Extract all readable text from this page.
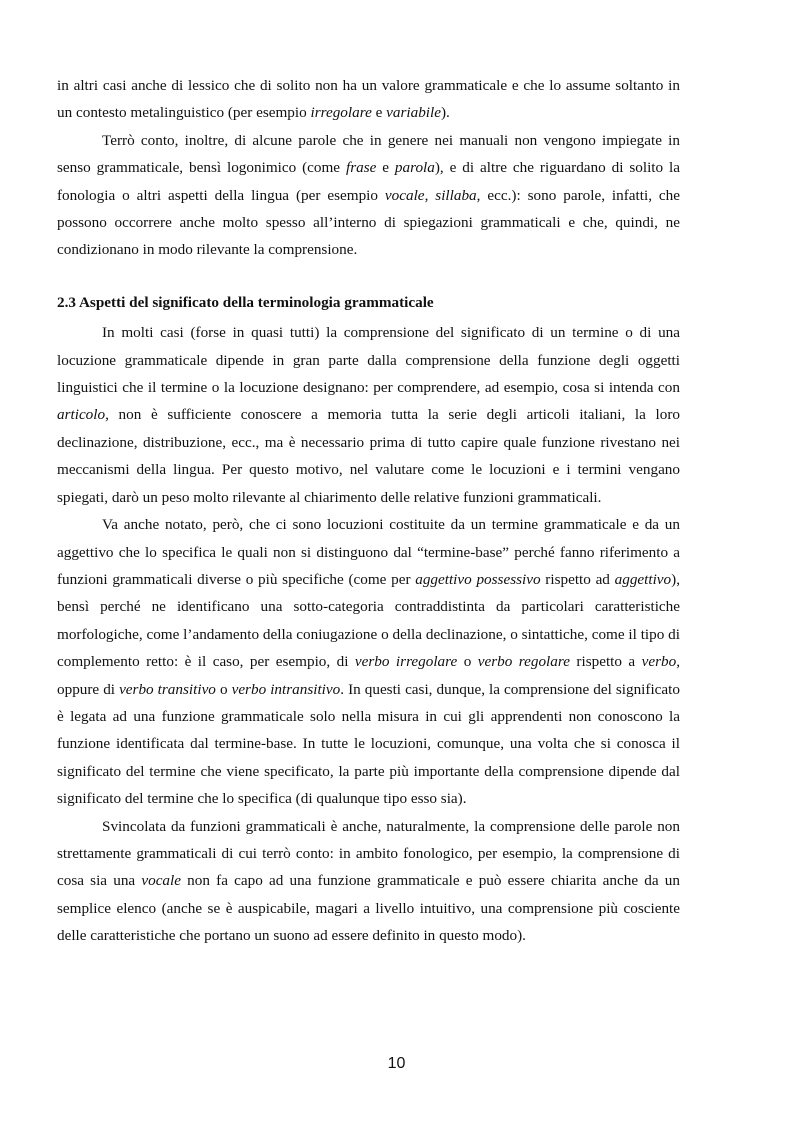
in altri casi anche di lessico che di solito non ha un valore grammaticale e che lo assume soltanto in un contesto metalinguistico (per esempio irregolare e variabile).

Terrò conto, inoltre, di alcune parole che in genere nei manuali non vengono impiegate in senso grammaticale, bensì logonimico (come frase e parola), e di altre che riguardano di solito la fonologia o altri aspetti della lingua (per esempio vocale, sillaba, ecc.): sono parole, infatti, che possono occorrere anche molto spesso all’interno di spiegazioni grammaticali e che, quindi, ne condizionano in modo rilevante la comprensione.

2.3 Aspetti del significato della terminologia grammaticale

In molti casi (forse in quasi tutti) la comprensione del significato di un termine o di una locuzione grammaticale dipende in gran parte dalla comprensione della funzione degli oggetti linguistici che il termine o la locuzione designano: per comprendere, ad esempio, cosa si intenda con articolo, non è sufficiente conoscere a memoria tutta la serie degli articoli italiani, la loro declinazione, distribuzione, ecc., ma è necessario prima di tutto capire quale funzione rivestano nei meccanismi della lingua. Per questo motivo, nel valutare come le locuzioni e i termini vengano spiegati, darò un peso molto rilevante al chiarimento delle relative funzioni grammaticali.

Va anche notato, però, che ci sono locuzioni costituite da un termine grammaticale e da un aggettivo che lo specifica le quali non si distinguono dal “termine-base” perché fanno riferimento a funzioni grammaticali diverse o più specifiche (come per aggettivo possessivo rispetto ad aggettivo), bensì perché ne identificano una sotto-categoria contraddistinta da particolari caratteristiche morfologiche, come l’andamento della coniugazione o della declinazione, o sintattiche, come il tipo di complemento retto: è il caso, per esempio, di verbo irregolare o verbo regolare rispetto a verbo, oppure di verbo transitivo o verbo intransitivo. In questi casi, dunque, la comprensione del significato è legata ad una funzione grammaticale solo nella misura in cui gli apprendenti non conoscono la funzione identificata dal termine-base. In tutte le locuzioni, comunque, una volta che si conosca il significato del termine che viene specificato, la parte più importante della comprensione dipende dal significato del termine che lo specifica (di qualunque tipo esso sia).

Svincolata da funzioni grammaticali è anche, naturalmente, la comprensione delle parole non strettamente grammaticali di cui terrò conto: in ambito fonologico, per esempio, la comprensione di cosa sia una vocale non fa capo ad una funzione grammaticale e può essere chiarita anche da un semplice elenco (anche se è auspicabile, magari a livello intuitivo, una comprensione più cosciente delle caratteristiche che portano un suono ad essere definito in questo modo).

10
